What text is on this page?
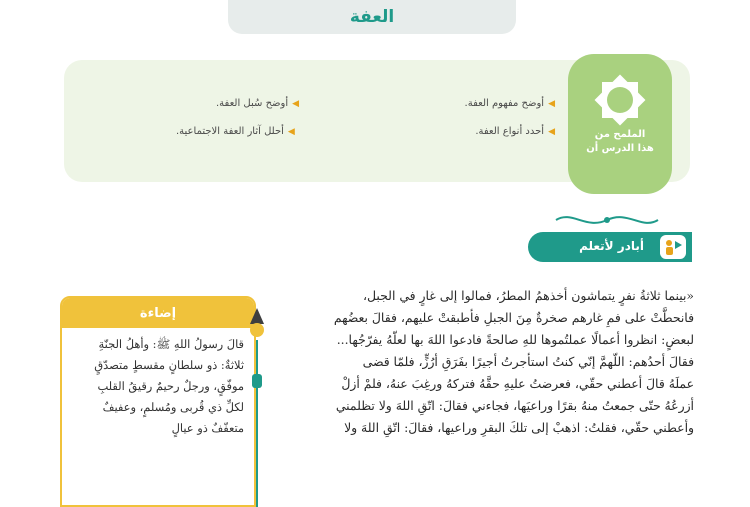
العفة
◀
أوضح مفهوم العفة.
◀
أوضح سُبل العفة.
◀
أحدد أنواع العفة.
◀
أحلل آثار العفة الاجتماعية.	الملمح من
هذا الدرس أن
أبادر لأتعلم

«بينما ثلاثةُ نفرٍ يتماشون أخذهمُ المطرُ، فمالوا إلى غارٍ في الجبل،

فانحطَّتْ على فمِ غارهم صخرةٌ مِنَ الجبلِ فأطبقتْ عليهم، فقالَ بعضُهم

لبعضٍ: انظروا أعمالًا عملتُموها للهِ صالحةً فادعوا اللهَ بها لعلّهُ يفرّجُها...

فقالَ أحدُهم: اللّهمَّ إنّي كنتُ استأجرتُ أجيرًا بفَرَقِ أرُزٍّ، فلمّا قضى

عملَهُ قالَ أعطني حقّي، فعرضتُ عليهِ حقَّهُ فتركهُ ورغِبَ عنهُ، فلمْ أزلْ

أزرعُهُ حتّى جمعتُ منهُ بقرًا وراعيَها، فجاءني فقالَ: اتّقِ اللهَ ولا تظلمني

وأعطني حقّي، فقلتُ: اذهبْ إلى تلكَ البقرِ وراعيها، فقالَ: اتّقِ اللهَ ولا

إضاءة

قالَ رسولُ اللهِ ﷺ: وأهلُ الجنّةِ

ثلاثةٌ: ذو سلطانٍ مقسطٍ متصدّقٍ

موفّقٍ، ورجلٌ رحيمٌ رقيقُ القلبِ

لكلِّ ذي قُربى ومُسلمٍ، وعفيفٌ

متعفّفٌ ذو عيالٍ
